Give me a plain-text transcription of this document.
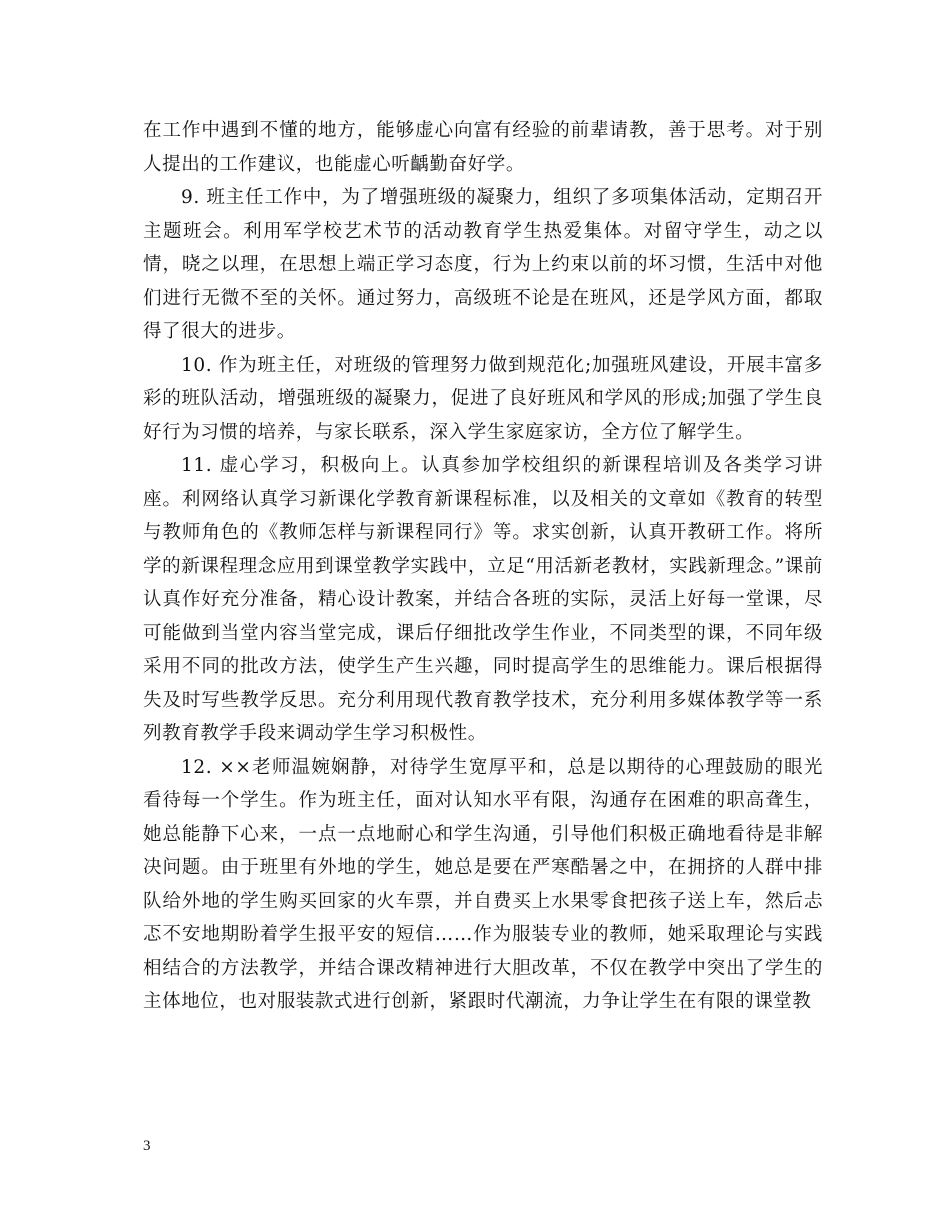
在工作中遇到不懂的地方，能够虚心向富有经验的前辈请教，善于思考。对于别人提出的工作建议，也能虚心听齲勤奋好学。

9. 班主任工作中，为了增强班级的凝聚力，组织了多项集体活动，定期召开主题班会。利用军学校艺术节的活动教育学生热爱集体。对留守学生，动之以情，晓之以理，在思想上端正学习态度，行为上约束以前的坏习惯，生活中对他们进行无微不至的关怀。通过努力，高级班不论是在班风，还是学风方面，都取得了很大的进步。

10. 作为班主任，对班级的管理努力做到规范化;加强班风建设，开展丰富多彩的班队活动，增强班级的凝聚力，促进了良好班风和学风的形成;加强了学生良好行为习惯的培养，与家长联系，深入学生家庭家访，全方位了解学生。

11. 虚心学习，积极向上。认真参加学校组织的新课程培训及各类学习讲座。利网络认真学习新课化学教育新课程标准，以及相关的文章如《教育的转型与教师角色的《教师怎样与新课程同行》等。求实创新，认真开教研工作。将所学的新课程理念应用到课堂教学实践中，立足“用活新老教材，实践新理念。”课前认真作好充分准备，精心设计教案，并结合各班的实际，灵活上好每一堂课，尽可能做到当堂内容当堂完成，课后仔细批改学生作业，不同类型的课，不同年级采用不同的批改方法，使学生产生兴趣，同时提高学生的思维能力。课后根据得失及时写些教学反思。充分利用现代教育教学技术，充分利用多媒体教学等一系列教育教学手段来调动学生学习积极性。

12. ××老师温婉娴静，对待学生宽厚平和，总是以期待的心理鼓励的眼光看待每一个学生。作为班主任，面对认知水平有限，沟通存在困难的职高聋生，她总能静下心来，一点一点地耐心和学生沟通，引导他们积极正确地看待是非解决问题。由于班里有外地的学生，她总是要在严寒酷暑之中，在拥挤的人群中排队给外地的学生购买回家的火车票，并自费买上水果零食把孩子送上车，然后忐忑不安地期盼着学生报平安的短信……作为服装专业的教师，她采取理论与实践相结合的方法教学，并结合课改精神进行大胆改革，不仅在教学中突出了学生的主体地位，也对服装款式进行创新，紧跟时代潮流，力争让学生在有限的课堂教

3
